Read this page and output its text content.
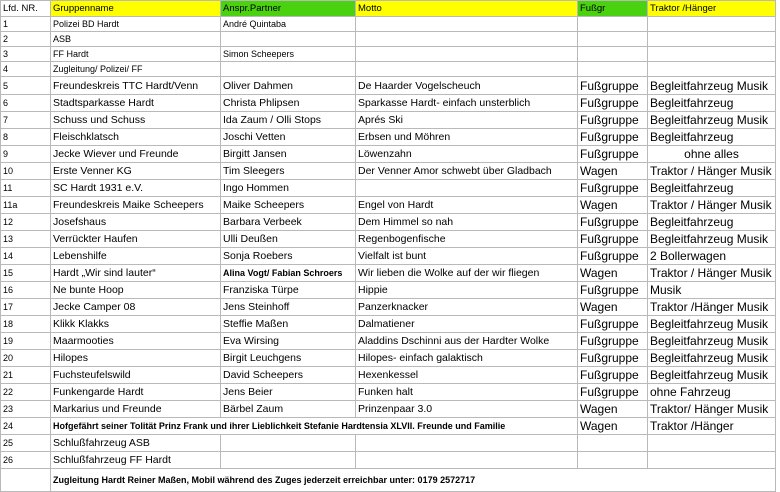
Lfd. NR.	Gruppenname	Anspr.Partner	Motto	Fußgr	Traktor /Hänger
1	Polizei BD Hardt	André Quintaba			
2	ASB				
3	FF Hardt	Simon Scheepers			
4	Zugleitung/ Polizei/ FF				
5	Freundeskreis TTC Hardt/Venn	Oliver Dahmen	De Haarder Vogelscheuch	Fußgruppe	Begleitfahrzeug Musik
6	Stadtsparkasse Hardt	Christa Phlipsen	Sparkasse Hardt- einfach unsterblich	Fußgruppe	Begleitfahrzeug
7	Schuss und Schuss	Ida Zaum / Olli Stops	Aprés Ski	Fußgruppe	Begleitfahrzeug Musik
8	Fleischklatsch	Joschi Vetten	Erbsen und Möhren	Fußgruppe	Begleitfahrzeug
9	Jecke Wiever und Freunde	Birgitt Jansen	Löwenzahn	Fußgruppe	ohne alles
10	Erste Venner KG	Tim Sleegers	Der Venner Amor schwebt über Gladbach	Wagen	Traktor / Hänger Musik
11	SC Hardt 1931 e.V.	Ingo Hommen		Fußgruppe	Begleitfahrzeug
11a	Freundeskreis Maike Scheepers	Maike Scheepers	Engel von Hardt	Wagen	Traktor / Hänger Musik
12	Josefshaus	Barbara Verbeek	Dem Himmel so nah	Fußgruppe	Begleitfahrzeug
13	Verrückter Haufen	Ulli Deußen	Regenbogenfische	Fußgruppe	Begleitfahrzeug Musik
14	Lebenshilfe	Sonja Roebers	Vielfalt ist bunt	Fußgruppe	2 Bollerwagen
15	Hardt „Wir sind lauter“	Alina Vogt/ Fabian Schroers	Wir lieben die Wolke auf der wir fliegen	Wagen	Traktor / Hänger Musik
16	Ne bunte Hoop	Franziska Türpe	Hippie	Fußgruppe	Musik
17	Jecke Camper 08	Jens Steinhoff	Panzerknacker	Wagen	Traktor /Hänger Musik
18	Klikk Klakks	Steffie Maßen	Dalmatiener	Fußgruppe	Begleitfahrzeug Musik
19	Maarmooties	Eva Wirsing	Aladdins Dschinni aus der Hardter Wolke	Fußgruppe	Begleitfahrzeug Musik
20	Hilopes	Birgit Leuchgens	Hilopes- einfach galaktisch	Fußgruppe	Begleitfahrzeug Musik
21	Fuchsteufelswild	David Scheepers	Hexenkessel	Fußgruppe	Begleitfahrzeug Musik
22	Funkengarde Hardt	Jens Beier	Funken halt	Fußgruppe	ohne Fahrzeug
23	Markarius und Freunde	Bärbel Zaum	Prinzenpaar 3.0	Wagen	Traktor/ Hänger Musik
24	Hofgefährt seiner Tolität Prinz Frank und ihrer Lieblichkeit Stefanie Hardtensia XLVII. Freunde und Familie			Wagen	Traktor /Hänger
25	Schlußfahrzeug ASB				
26	Schlußfahrzeug FF Hardt				
	Zugleitung Hardt Reiner Maßen, Mobil während des Zuges jederzeit erreichbar unter: 0179 2572717				
